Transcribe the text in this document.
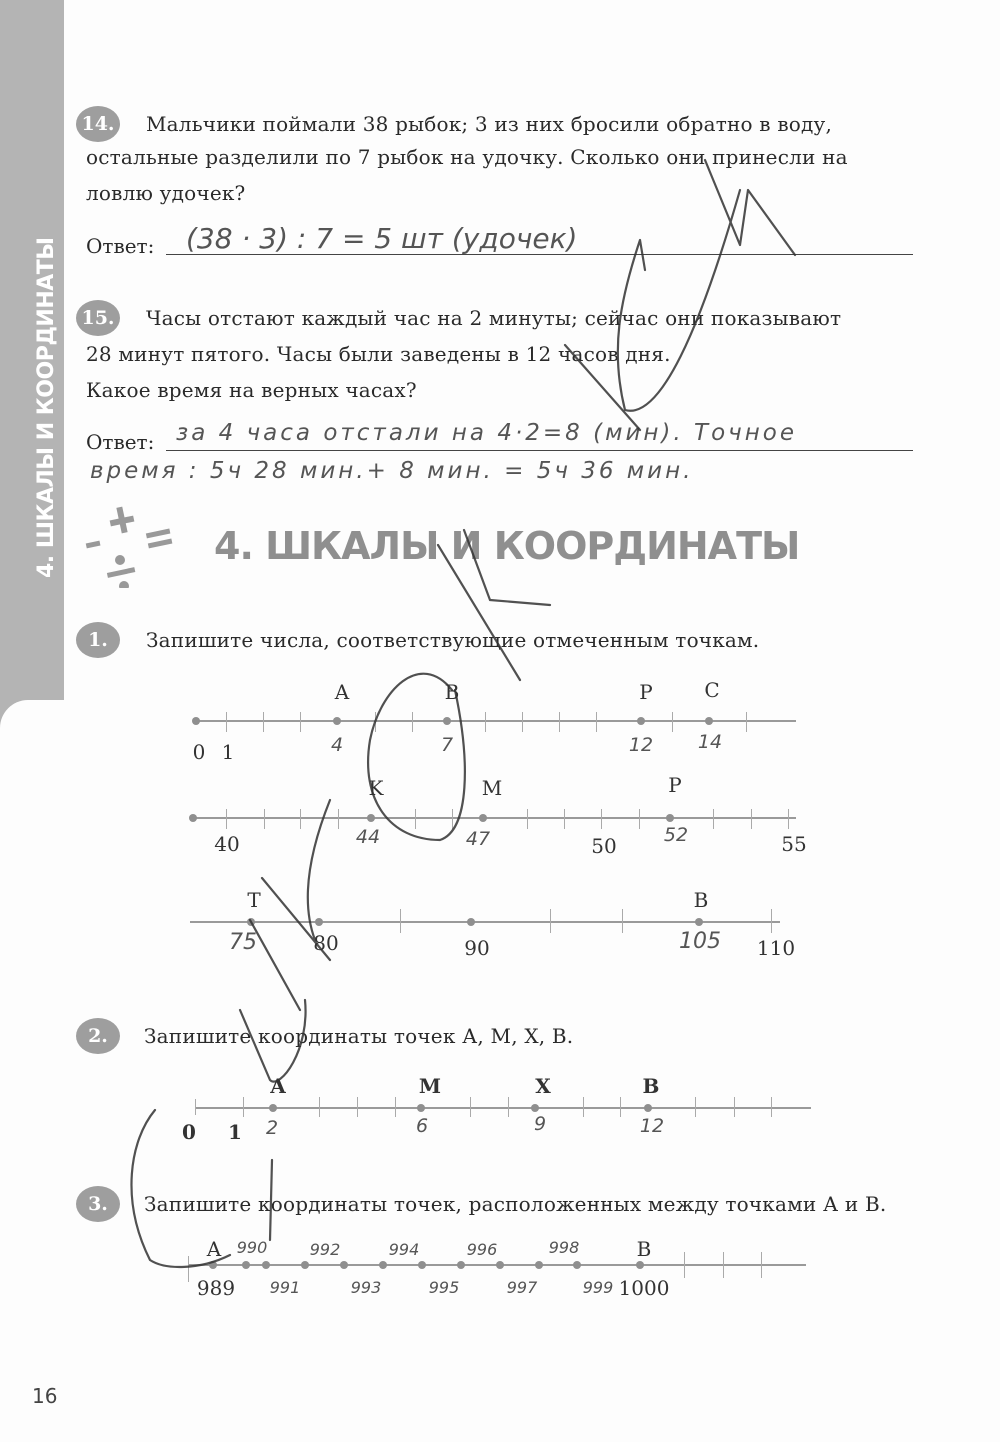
4. ШКАЛЫ И КООРДИНАТЫ
14. Мальчики поймали 38 рыбок; 3 из них бросили обратно в воду,
остальные разделили по 7 рыбок на удочку. Сколько они принесли на
ловлю удочек?
Ответ: (38 · 3) : 7 = 5 шт (удочек)
15. Часы отстают каждый час на 2 минуты; сейчас они показывают
28 минут пятого. Часы были заведены в 12 часов дня.
Какое время на верных часах?
Ответ: за 4 часа отстали на 4·2=8 (мин). Точное
время : 5ч 28 мин.+ 8 мин. = 5ч 36 мин.
4. ШКАЛЫ И КООРДИНАТЫ
1.	Запишите числа, соответствующие отмеченным точкам.
A	B	P	C
0 1	4	7	12 14
K	M	P
40	50	55
44	47	52
T	B
80	90	110
75	105
2.	Запишите координаты точек А, М, Х, В.
A	M	X	B
0 1 2	6	9	12
3.	Запишите координаты точек, расположенных между точками А и В.
A	B
989	1000
990	992	994	996	998
991	993	995	997	999
16
